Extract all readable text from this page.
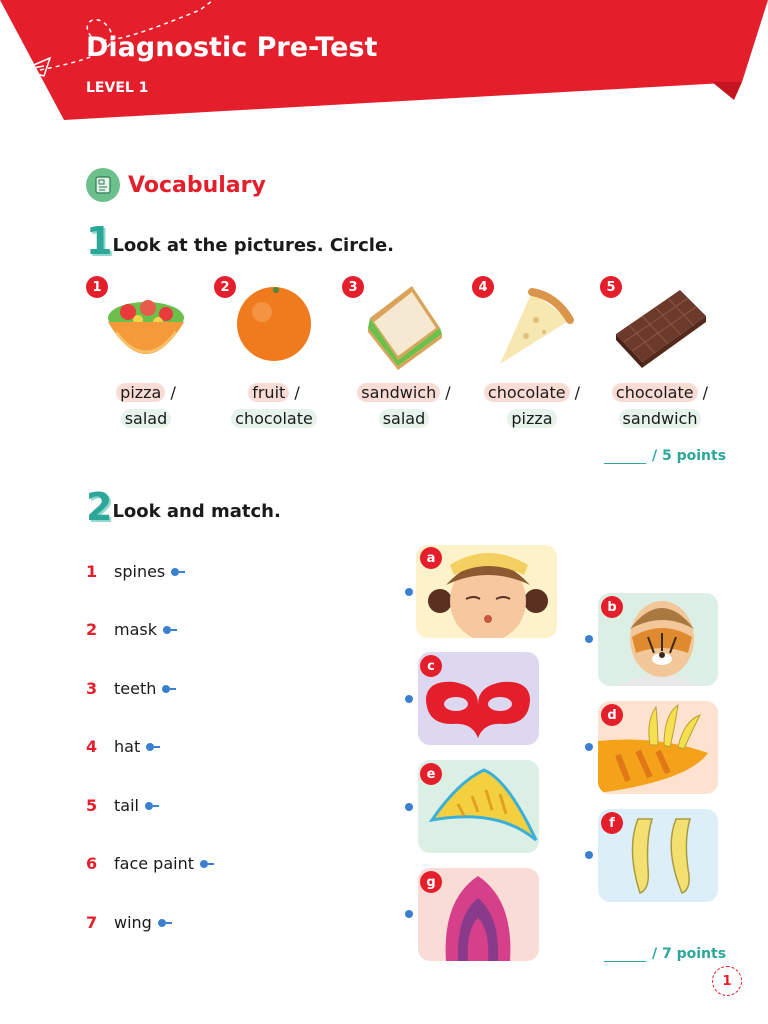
Diagnostic Pre-Test
LEVEL 1
Vocabulary
1 Look at the pictures. Circle.
1	2	3	4	5
pizza /
salad
fruit /
chocolate
sandwich /
salad
chocolate /
pizza
chocolate /
sandwich
/ 5 points
2 Look and match.
1	spines
2	mask
3	teeth
4	hat
5	tail
6	face paint
7	wing
a
c
e
g
b
d
f
/ 7 points
1
